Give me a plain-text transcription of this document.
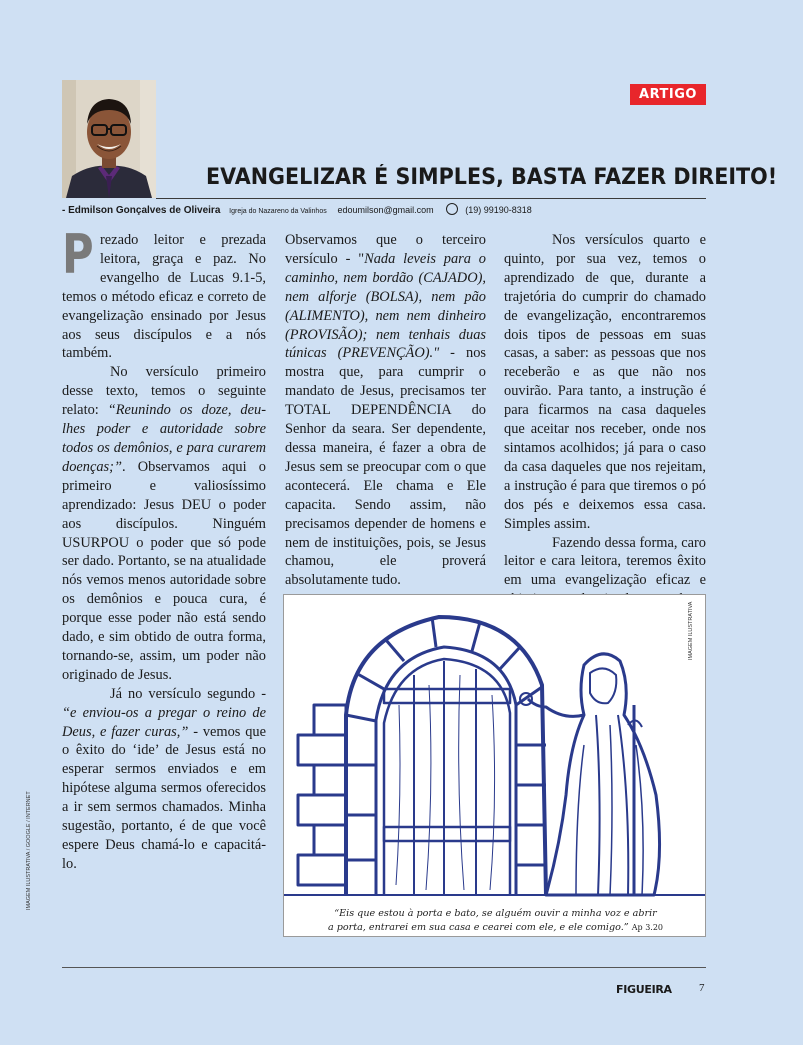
ARTIGO
EVANGELIZAR É SIMPLES, BASTA FAZER DIREITO!
- Edmilson Gonçalves de Oliveira Igreja do Nazareno da Valinhos edoumilson@gmail.com	(19) 99190-8318

Prezado leitor e prezada leitora, graça e paz. No evangelho de Lucas 9.1-5, temos o método eficaz e correto de evangelização ensinado por Jesus aos seus discípulos e a nós também.

No versículo primeiro desse texto, temos o seguinte relato: “Reunindo os doze, deu-lhes poder e autoridade sobre todos os demônios, e para curarem doenças;”. Observamos aqui o primeiro e valiosíssimo aprendizado: Jesus DEU o poder aos discípulos. Ninguém USURPOU o poder que só pode ser dado. Portanto, se na atualidade nós vemos menos autoridade sobre os demônios e pouca cura, é porque esse poder não está sendo dado, e sim obtido de outra forma, tornando-se, assim, um poder não originado de Jesus.

Já no versículo segundo - “e enviou-os a pregar o reino de Deus, e fazer curas,” - vemos que o êxito do ‘ide’ de Jesus está no esperar sermos enviados e em hipótese alguma sermos oferecidos a ir sem sermos chamados. Minha sugestão, portanto, é de que você espere Deus chamá-lo e capacitá-lo.

Observamos que o terceiro versículo - "Nada leveis para o caminho, nem bordão (CAJADO), nem alforje (BOLSA), nem pão (ALIMENTO), nem nem dinheiro (PROVISÃO); nem tenhais duas túnicas (PREVENÇÃO)." - nos mostra que, para cumprir o mandato de Jesus, precisamos ter TOTAL DEPENDÊNCIA do Senhor da seara. Ser dependente, dessa maneira, é fazer a obra de Jesus sem se preocupar com o que acontecerá. Ele chama e Ele capacita. Sendo assim, não precisamos depender de homens e nem de instituições, pois, se Jesus chamou, ele proverá absolutamente tudo.

Nos versículos quarto e quinto, por sua vez, temos o aprendizado de que, durante a trajetória do cumprir do chamado de evangelização, encontraremos dois tipos de pessoas em suas casas, a saber: as pessoas que nos receberão e as que não nos ouvirão. Para tanto, a instrução é para ficarmos na casa daqueles que aceitar nos receber, onde nos sintamos acolhidos; já para o caso da casa daqueles que nos rejeitam, a instrução é para que tiremos o pó dos pés e deixemos essa casa. Simples assim.

Fazendo dessa forma, caro leitor e cara leitora, teremos êxito em uma evangelização eficaz e

IMAGEM ILUSTRATIVA / GOOGLE / INTERNET
IMAGEM ILUSTRATIVA
“Eis que estou à porta e bato, se alguém ouvir a minha voz e abrir
a porta, entrarei em sua casa e cearei com ele, e ele comigo.” Ap 3.20
FIGUEIRA 7
